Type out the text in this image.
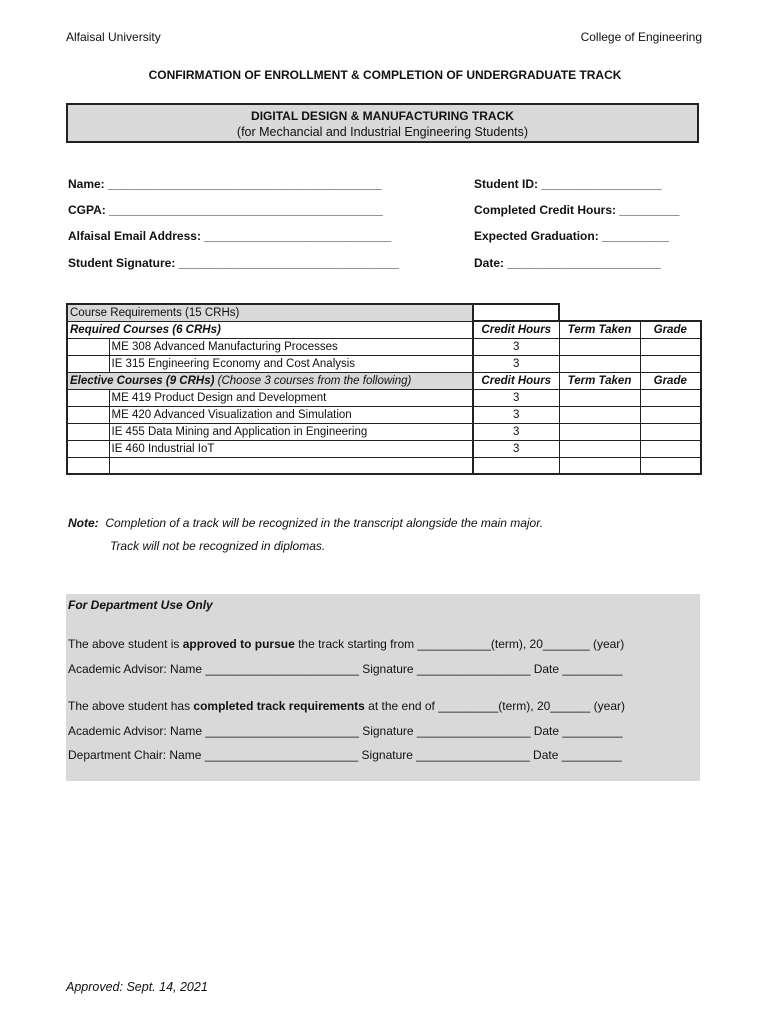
Alfaisal University	College of Engineering
CONFIRMATION OF ENROLLMENT & COMPLETION OF UNDERGRADUATE TRACK
DIGITAL DESIGN & MANUFACTURING TRACK
(for Mechancial and Industrial Engineering Students)
Name: _________________________________________
CGPA: _________________________________________
Alfaisal Email Address: ____________________________
Student Signature: _________________________________
Student ID: __________________
Completed Credit Hours: _________
Expected Graduation: __________
Date: _______________________
Course Requirements (15 CRHs)				
Required Courses (6 CRHs)		Credit Hours	Term Taken	Grade
	ME 308 Advanced Manufacturing Processes	3		
	IE 315 Engineering Economy and Cost Analysis	3		
Elective Courses (9 CRHs) (Choose 3 courses from the following)		Credit Hours	Term Taken	Grade
	ME 419 Product Design and Development	3		
	ME 420 Advanced Visualization and Simulation	3		
	IE 455 Data Mining and Application in Engineering	3		
	IE 460 Industrial IoT	3		

Note: Completion of a track will be recognized in the transcript alongside the main major.
Track will not be recognized in diplomas.
For Department Use Only
The above student is approved to pursue the track starting from ___________(term), 20_______ (year)
Academic Advisor: Name _______________________ Signature _________________ Date _________
The above student has completed track requirements at the end of _________(term), 20______ (year)
Academic Advisor: Name _______________________ Signature _________________ Date _________
Department Chair: Name _______________________ Signature _________________ Date _________
Approved: Sept. 14, 2021
